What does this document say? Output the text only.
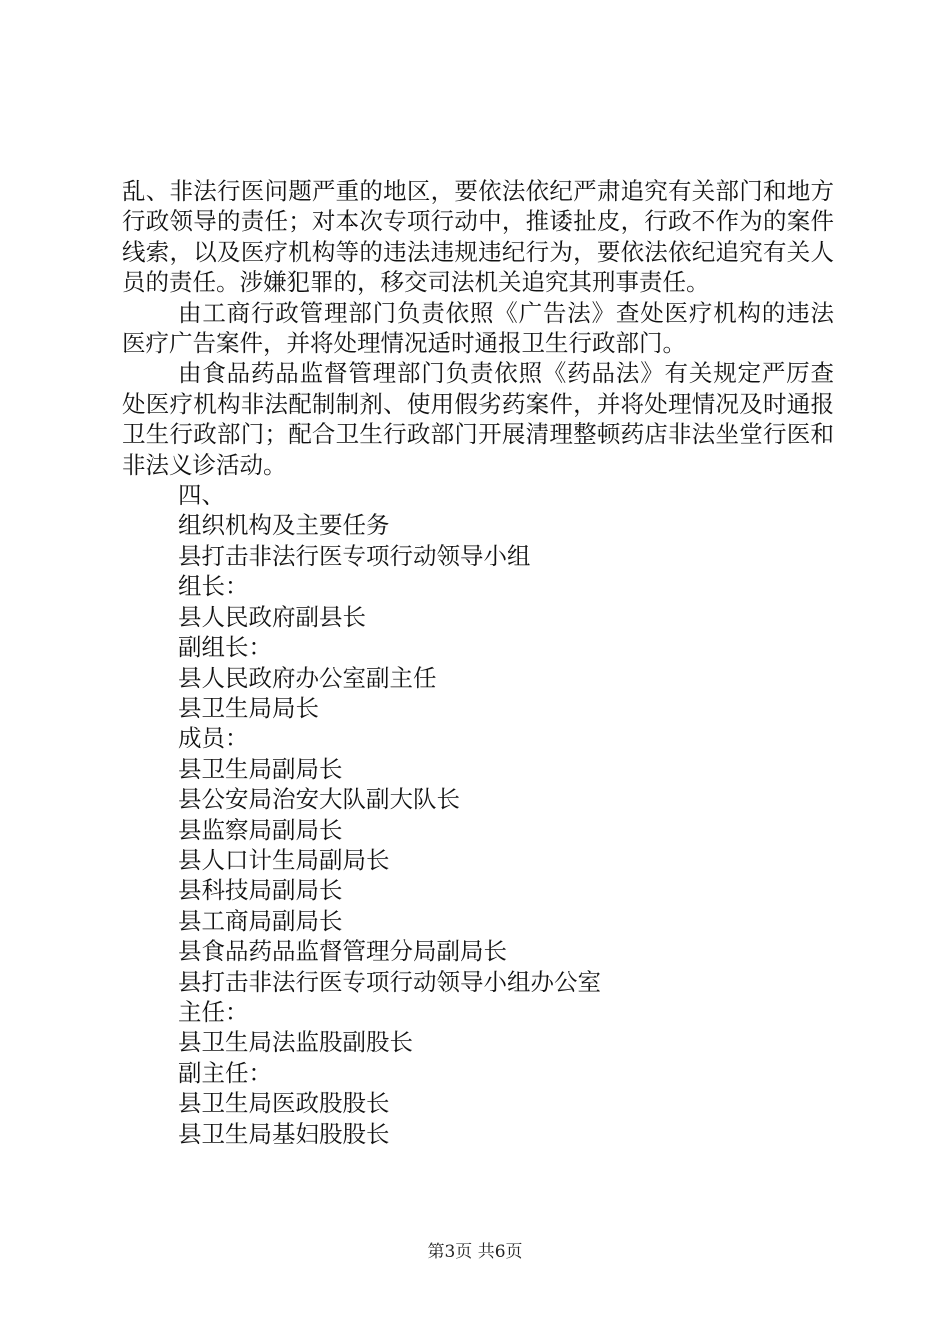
乱、非法行医问题严重的地区，要依法依纪严肃追究有关部门和地方行政领导的责任；对本次专项行动中，推诿扯皮，行政不作为的案件线索，以及医疗机构等的违法违规违纪行为，要依法依纪追究有关人员的责任。涉嫌犯罪的，移交司法机关追究其刑事责任。

由工商行政管理部门负责依照《广告法》查处医疗机构的违法医疗广告案件，并将处理情况适时通报卫生行政部门。

由食品药品监督管理部门负责依照《药品法》有关规定严厉查处医疗机构非法配制制剂、使用假劣药案件，并将处理情况及时通报卫生行政部门；配合卫生行政部门开展清理整顿药店非法坐堂行医和非法义诊活动。

四、

组织机构及主要任务

县打击非法行医专项行动领导小组

组长：

县人民政府副县长

副组长：

县人民政府办公室副主任

县卫生局局长

成员：

县卫生局副局长

县公安局治安大队副大队长

县监察局副局长

县人口计生局副局长

县科技局副局长

县工商局副局长

县食品药品监督管理分局副局长

县打击非法行医专项行动领导小组办公室

主任：

县卫生局法监股副股长

副主任：

县卫生局医政股股长

县卫生局基妇股股长

第3页 共6页
